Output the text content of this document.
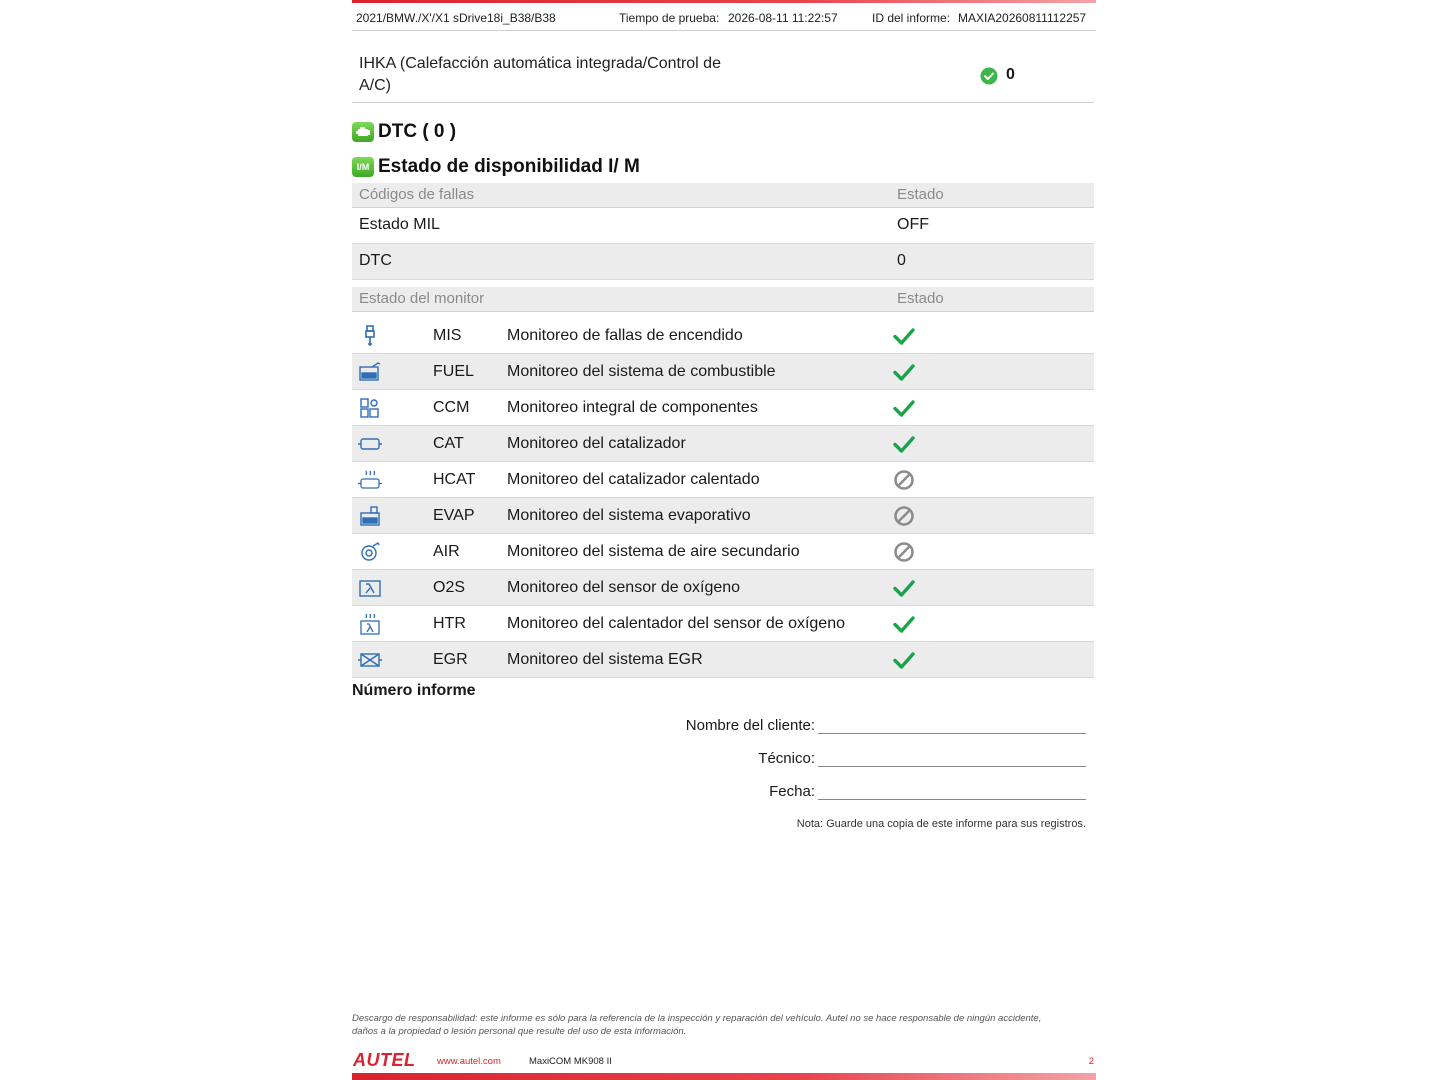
2021/BMW./X'/X1 sDrive18i_B38/B38	Tiempo de prueba: 2026-08-11 11:22:57	ID del informe: MAXIA20260811112257
IHKA (Calefacción automática integrada/Control de A/C)
0
DTC ( 0 )
I/M Estado de disponibilidad I/ M
Códigos de fallas	Estado
Estado MIL	OFF
DTC	0
Estado del monitor	Estado
MIS	Monitoreo de fallas de encendido
FUEL Monitoreo del sistema de combustible
CCM Monitoreo integral de componentes
CAT	Monitoreo del catalizador
HCAT Monitoreo del catalizador calentado
EVAP Monitoreo del sistema evaporativo
AIR	Monitoreo del sistema de aire secundario
O2S	Monitoreo del sensor de oxígeno
HTR	Monitoreo del calentador del sensor de oxígeno
EGR Monitoreo del sistema EGR
Número informe
Nombre del cliente:
Técnico:
Fecha:
Nota: Guarde una copia de este informe para sus registros.
Descargo de responsabilidad: este informe es sólo para la referencia de la inspección y reparación del vehículo. Autel no se hace responsable de ningún accidente, daños a la propiedad o lesión personal que resulte del uso de esta información.
AUTEL www.autel.com	MaxiCOM MK908 II	2
